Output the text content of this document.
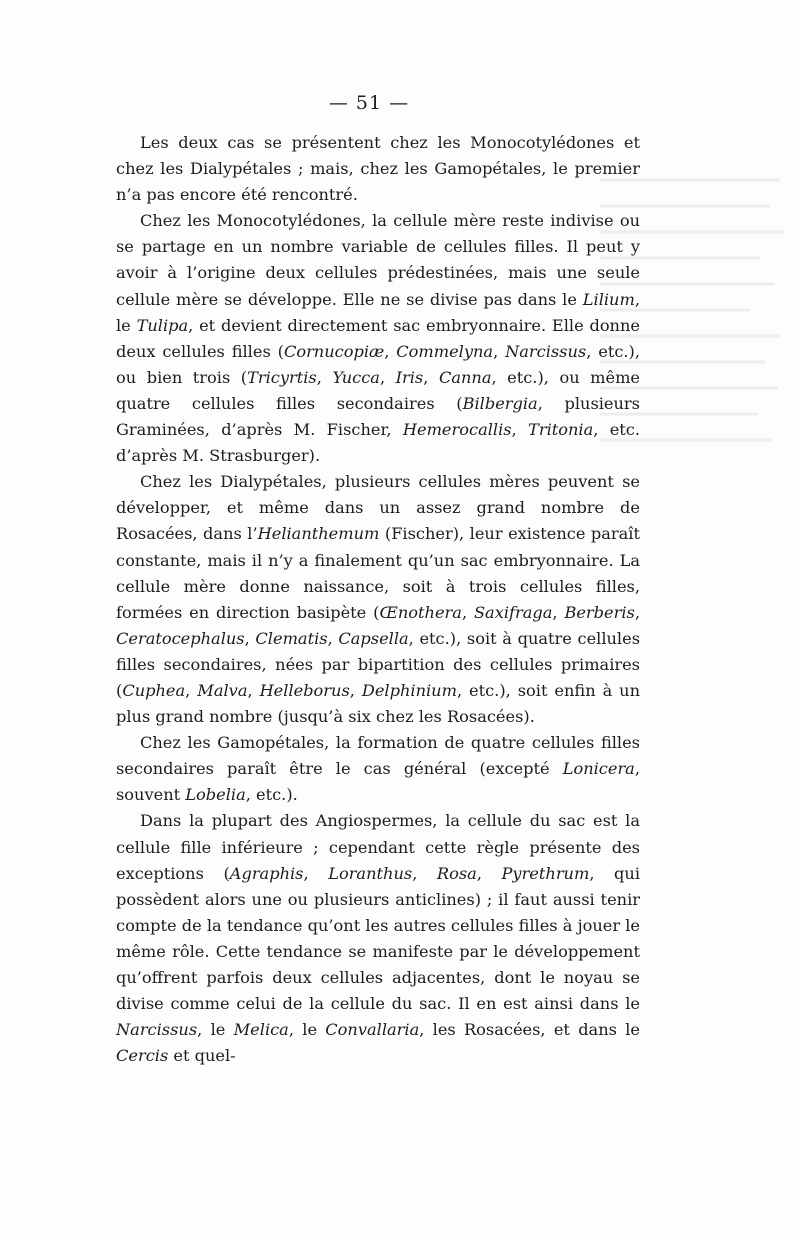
— 51 —

Les deux cas se présentent chez les Monocotylédones et chez les Dialypétales ; mais, chez les Gamopétales, le premier n’a pas encore été rencontré.

Chez les Monocotylédones, la cellule mère reste indivise ou se partage en un nombre variable de cellules filles. Il peut y avoir à l’origine deux cellules prédestinées, mais une seule cellule mère se développe. Elle ne se divise pas dans le Lilium, le Tulipa, et devient directement sac embryonnaire. Elle donne deux cellules filles (Cornucopiæ, Commelyna, Narcissus, etc.), ou bien trois (Tricyrtis, Yucca, Iris, Canna, etc.), ou même quatre cellules filles secondaires (Bilbergia, plusieurs Graminées, d’après M. Fischer, Hemerocallis, Tritonia, etc. d’après M. Strasburger).

Chez les Dialypétales, plusieurs cellules mères peuvent se développer, et même dans un assez grand nombre de Rosacées, dans l’Helianthemum (Fischer), leur existence paraît constante, mais il n’y a finalement qu’un sac embryonnaire. La cellule mère donne naissance, soit à trois cellules filles, formées en direction basipète (Œnothera, Saxifraga, Berberis, Ceratocephalus, Clematis, Capsella, etc.), soit à quatre cellules filles secondaires, nées par bipartition des cellules primaires (Cuphea, Malva, Helleborus, Delphinium, etc.), soit enfin à un plus grand nombre (jusqu’à six chez les Rosacées).

Chez les Gamopétales, la formation de quatre cellules filles secondaires paraît être le cas général (excepté Lonicera, souvent Lobelia, etc.).

Dans la plupart des Angiospermes, la cellule du sac est la cellule fille inférieure ; cependant cette règle présente des exceptions (Agraphis, Loranthus, Rosa, Pyrethrum, qui possèdent alors une ou plusieurs anticlines) ; il faut aussi tenir compte de la tendance qu’ont les autres cellules filles à jouer le même rôle. Cette tendance se manifeste par le développement qu’offrent parfois deux cellules adjacentes, dont le noyau se divise comme celui de la cellule du sac. Il en est ainsi dans le Narcissus, le Melica, le Convallaria, les Rosacées, et dans le Cercis et quel-
